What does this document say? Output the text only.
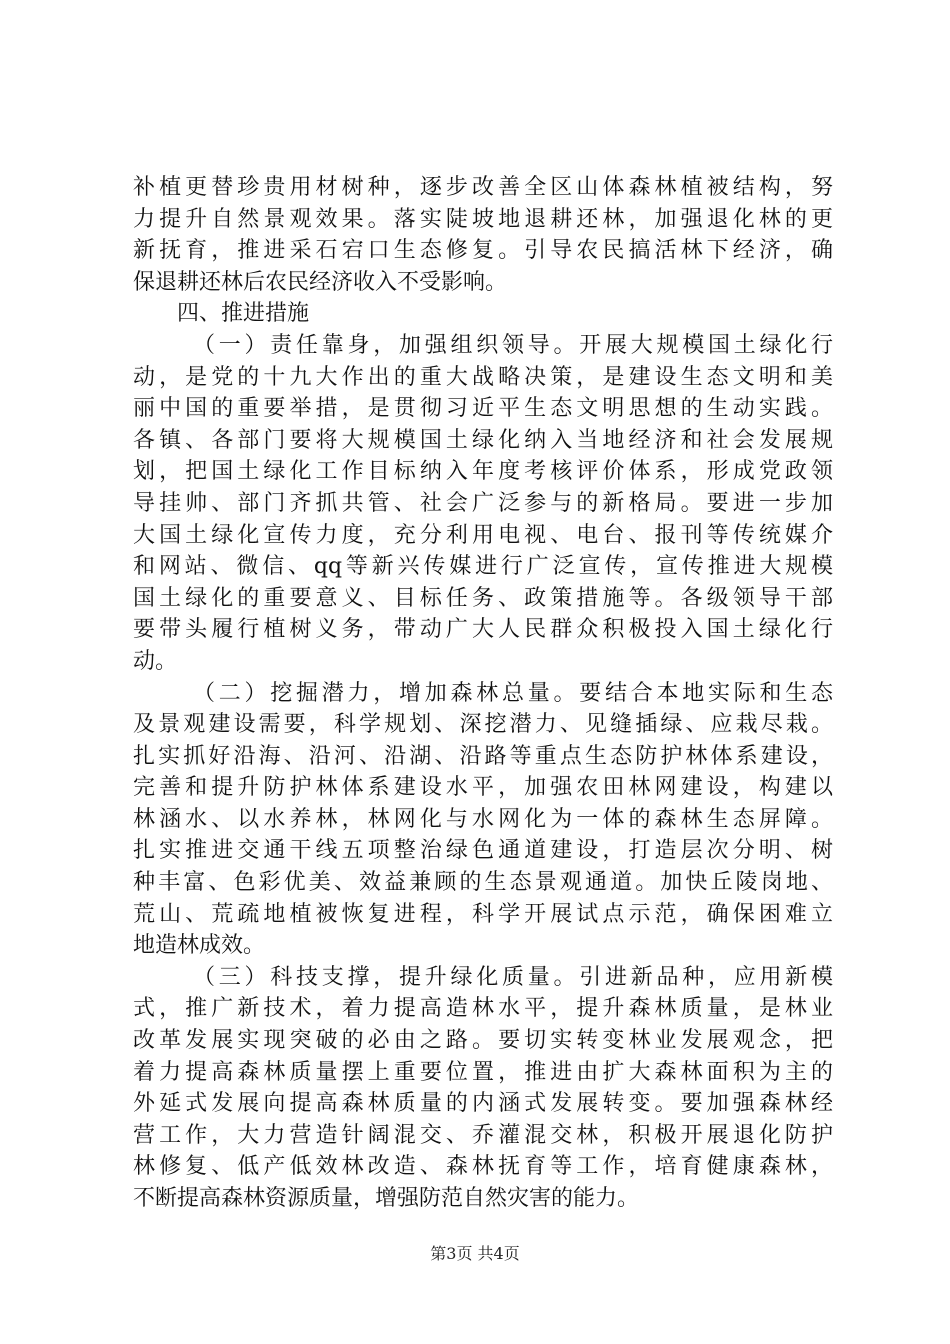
补植更替珍贵用材树种，逐步改善全区山体森林植被结构，努
力提升自然景观效果。落实陡坡地退耕还林，加强退化林的更
新抚育，推进采石宕口生态修复。引导农民搞活林下经济，确
保退耕还林后农民经济收入不受影响。
四、推进措施
（一）责任靠身，加强组织领导。开展大规模国土绿化行
动，是党的十九大作出的重大战略决策，是建设生态文明和美
丽中国的重要举措，是贯彻习近平生态文明思想的生动实践。
各镇、各部门要将大规模国土绿化纳入当地经济和社会发展规
划，把国土绿化工作目标纳入年度考核评价体系，形成党政领
导挂帅、部门齐抓共管、社会广泛参与的新格局。要进一步加
大国土绿化宣传力度，充分利用电视、电台、报刊等传统媒介
和网站、微信、qq等新兴传媒进行广泛宣传，宣传推进大规模
国土绿化的重要意义、目标任务、政策措施等。各级领导干部
要带头履行植树义务，带动广大人民群众积极投入国土绿化行
动。
（二）挖掘潜力，增加森林总量。要结合本地实际和生态
及景观建设需要，科学规划、深挖潜力、见缝插绿、应栽尽栽。
扎实抓好沿海、沿河、沿湖、沿路等重点生态防护林体系建设，
完善和提升防护林体系建设水平，加强农田林网建设，构建以
林涵水、以水养林，林网化与水网化为一体的森林生态屏障。
扎实推进交通干线五项整治绿色通道建设，打造层次分明、树
种丰富、色彩优美、效益兼顾的生态景观通道。加快丘陵岗地、
荒山、荒疏地植被恢复进程，科学开展试点示范，确保困难立
地造林成效。
（三）科技支撑，提升绿化质量。引进新品种，应用新模
式，推广新技术，着力提高造林水平，提升森林质量，是林业
改革发展实现突破的必由之路。要切实转变林业发展观念，把
着力提高森林质量摆上重要位置，推进由扩大森林面积为主的
外延式发展向提高森林质量的内涵式发展转变。要加强森林经
营工作，大力营造针阔混交、乔灌混交林，积极开展退化防护
林修复、低产低效林改造、森林抚育等工作，培育健康森林，
不断提高森林资源质量，增强防范自然灾害的能力。
第3页 共4页
